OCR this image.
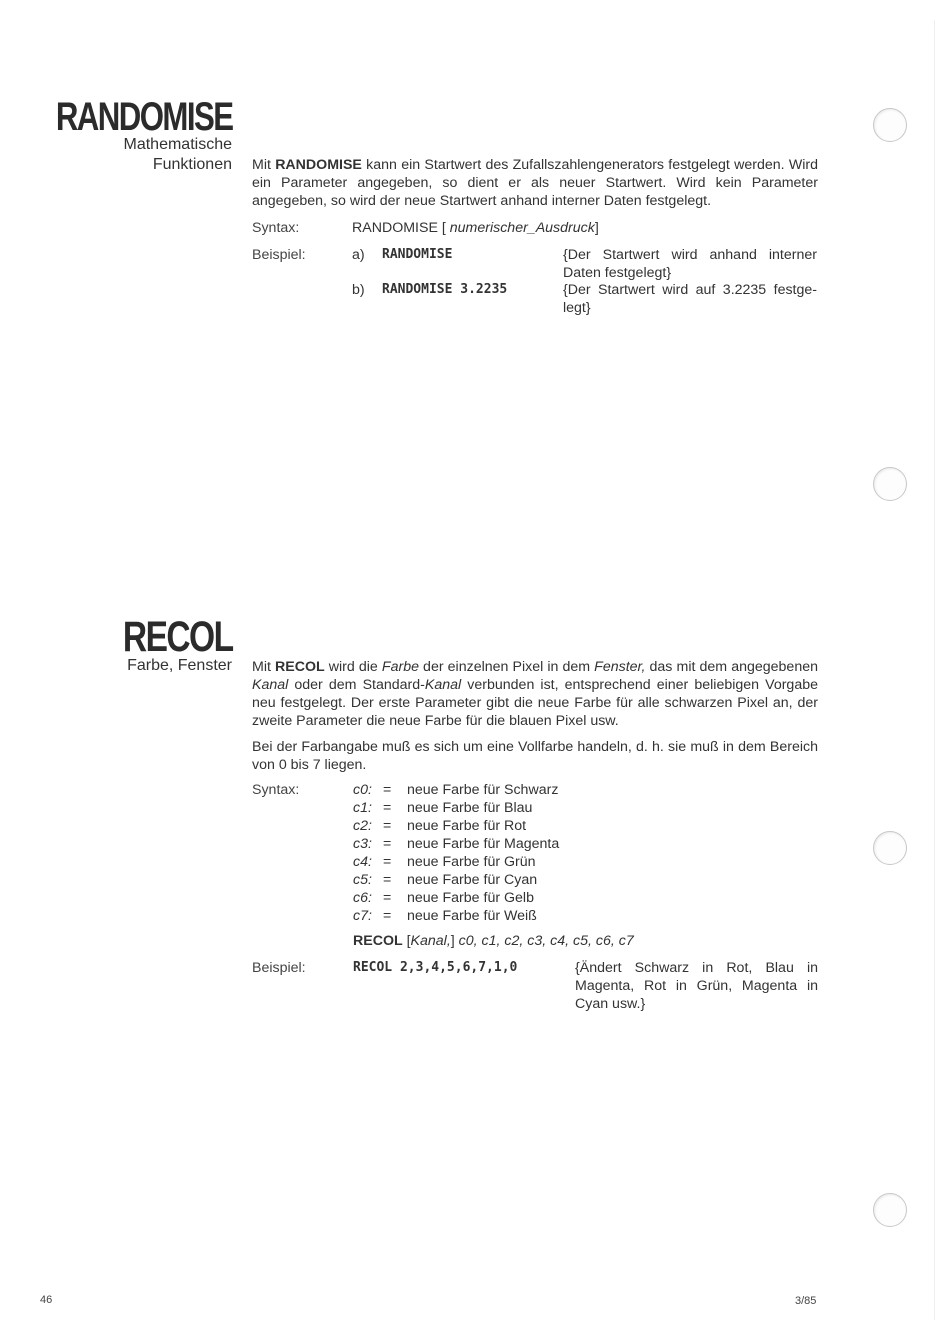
RANDOMISE
Mathematische
Funktionen Mit RANDOMISE kann ein Startwert des Zufallszahlengenerators festgelegt werden. Wird ein Parameter angegeben, so dient er als neuer Startwert. Wird kein Parameter angegeben, so wird der neue Startwert anhand interner Daten festgelegt.

Syntax:	RANDOMISE [ numerischer_Ausdruck]
Beispiel:	a) RANDOMISE	{Der Startwert wird anhand interner Daten festgelegt}
b) RANDOMISE 3.2235	{Der Startwert wird auf 3.2235 festge-legt}
RECOL
Farbe, Fenster Mit RECOL wird die Farbe der einzelnen Pixel in dem Fenster, das mit dem angegebenen Kanal oder dem Standard-Kanal verbunden ist, entsprechend einer beliebigen Vorgabe neu festgelegt. Der erste Parameter gibt die neue Farbe für alle schwarzen Pixel an, der zweite Parameter die neue Farbe für die blauen Pixel usw.

Bei der Farbangabe muß es sich um eine Vollfarbe handeln, d. h. sie muß in dem Bereich von 0 bis 7 liegen.

Syntax:	c0: = neue Farbe für Schwarz
c1: = neue Farbe für Blau
c2: = neue Farbe für Rot
c3: = neue Farbe für Magenta
c4: = neue Farbe für Grün
c5: = neue Farbe für Cyan
c6: = neue Farbe für Gelb
c7: = neue Farbe für Weiß
RECOL [Kanal,] c0, c1, c2, c3, c4, c5, c6, c7
Beispiel:	RECOL 2,3,4,5,6,7,1,0	{Ändert Schwarz in Rot, Blau in Magenta, Rot in Grün, Magenta in Cyan usw.}
46	3/85
